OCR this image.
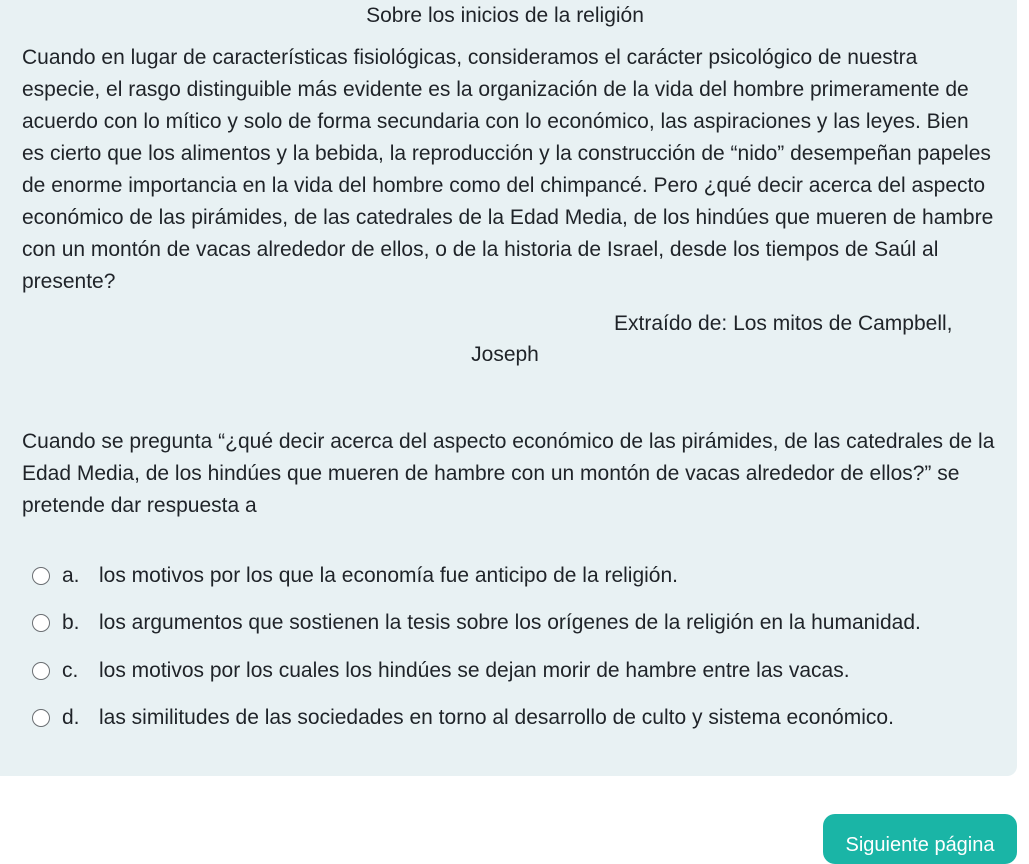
Sobre los inicios de la religión

Cuando en lugar de características fisiológicas, consideramos el carácter psicológico de nuestra especie, el rasgo distinguible más evidente es la organización de la vida del hombre primeramente de acuerdo con lo mítico y solo de forma secundaria con lo económico, las aspiraciones y las leyes. Bien es cierto que los alimentos y la bebida, la reproducción y la construcción de “nido” desempeñan papeles de enorme importancia en la vida del hombre como del chimpancé. Pero ¿qué decir acerca del aspecto económico de las pirámides, de las catedrales de la Edad Media, de los hindúes que mueren de hambre con un montón de vacas alrededor de ellos, o de la historia de Israel, desde los tiempos de Saúl al presente?

Extraído de: Los mitos de Campbell,
Joseph

Cuando se pregunta “¿qué decir acerca del aspecto económico de las pirámides, de las catedrales de la Edad Media, de los hindúes que mueren de hambre con un montón de vacas alrededor de ellos?” se pretende dar respuesta a

a. los motivos por los que la economía fue anticipo de la religión.
b. los argumentos que sostienen la tesis sobre los orígenes de la religión en la humanidad.
c. los motivos por los cuales los hindúes se dejan morir de hambre entre las vacas.
d. las similitudes de las sociedades en torno al desarrollo de culto y sistema económico.
Siguiente página
